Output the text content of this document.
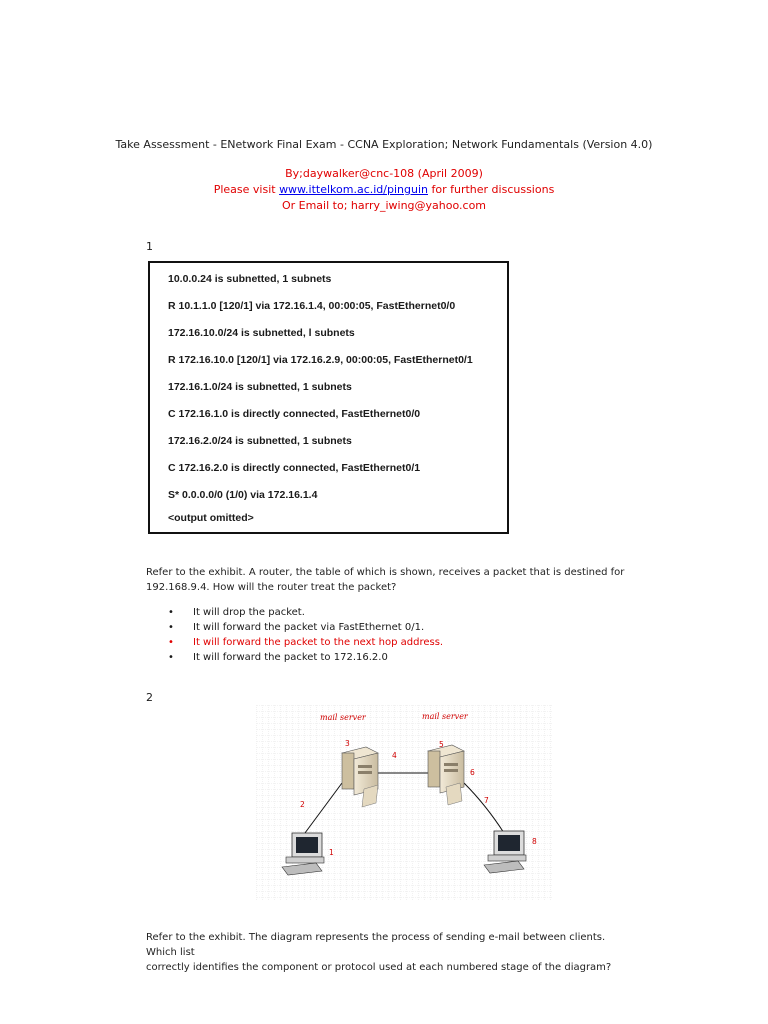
Take Assessment - ENetwork Final Exam - CCNA Exploration; Network Fundamentals (Version 4.0)
By;daywalker@cnc-108 (April 2009)
Please visit www.ittelkom.ac.id/pinguin for further discussions
Or Email to; harry_iwing@yahoo.com
1
10.0.0.24 is subnetted, 1 subnets
R 10.1.1.0 [120/1] via 172.16.1.4, 00:00:05, FastEthernet0/0
172.16.10.0/24 is subnetted, l subnets
R 172.16.10.0 [120/1] via 172.16.2.9, 00:00:05, FastEthernet0/1
172.16.1.0/24 is subnetted, 1 subnets
C 172.16.1.0 is directly connected, FastEthernet0/0
172.16.2.0/24 is subnetted, 1 subnets
C 172.16.2.0 is directly connected, FastEthernet0/1
S* 0.0.0.0/0 (1/0) via 172.16.1.4
<output omitted>
Refer to the exhibit. A router, the table of which is shown, receives a packet that is destined for
192.168.9.4. How will the router treat the packet?
• It will drop the packet.
• It will forward the packet via FastEthernet 0/1.
• It will forward the packet to the next hop address.
• It will forward the packet to 172.16.2.0
2
mail server	mail server
1
2
3
4
5
6
7
8
Refer to the exhibit. The diagram represents the process of sending e-mail between clients. Which list
correctly identifies the component or protocol used at each numbered stage of the diagram?
